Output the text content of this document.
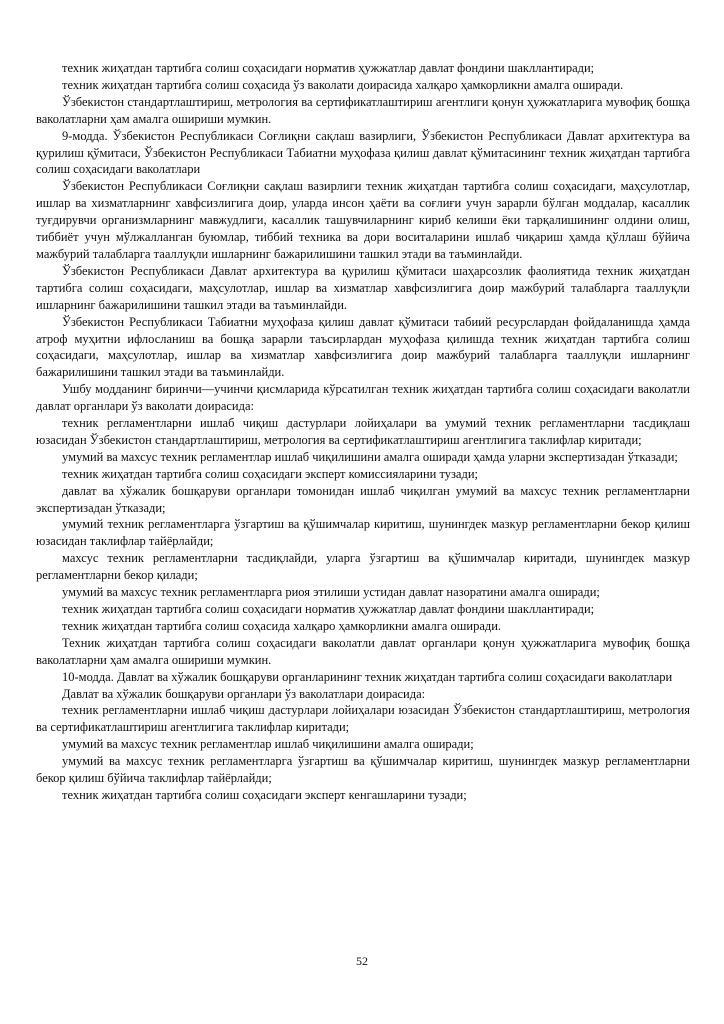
техник жиҳатдан тартибга солиш соҳасидаги норматив ҳужжатлар давлат фондини шакллантиради;

техник жиҳатдан тартибга солиш соҳасида ўз ваколати доирасида халқаро ҳамкорликни амалга оширади.

Ўзбекистон стандартлаштириш, метрология ва сертификатлаштириш агентлиги қонун ҳужжатларига мувофиқ бошқа ваколатларни ҳам амалга ошириши мумкин.

9-модда. Ўзбекистон Республикаси Соғлиқни сақлаш вазирлиги, Ўзбекистон Республикаси Давлат архитектура ва қурилиш қўмитаси, Ўзбекистон Республикаси Табиатни муҳофаза қилиш давлат қўмитасининг техник жиҳатдан тартибга солиш соҳасидаги ваколатлари

Ўзбекистон Республикаси Соғлиқни сақлаш вазирлиги техник жиҳатдан тартибга солиш соҳасидаги, маҳсулотлар, ишлар ва хизматларнинг хавфсизлигига доир, уларда инсон ҳаёти ва соғлиғи учун зарарли бўлган моддалар, касаллик туғдирувчи организмларнинг мавжудлиги, касаллик ташувчиларнинг кириб келиши ёки тарқалишининг олдини олиш, тиббиёт учун мўлжалланган буюмлар, тиббий техника ва дори воситаларини ишлаб чиқариш ҳамда қўллаш бўйича мажбурий талабларга тааллуқли ишларнинг бажарилишини ташкил этади ва таъминлайди.

Ўзбекистон Республикаси Давлат архитектура ва қурилиш қўмитаси шаҳарсозлик фаолиятида техник жиҳатдан тартибга солиш соҳасидаги, маҳсулотлар, ишлар ва хизматлар хавфсизлигига доир мажбурий талабларга тааллуқли ишларнинг бажарилишини ташкил этади ва таъминлайди.

Ўзбекистон Республикаси Табиатни муҳофаза қилиш давлат қўмитаси табиий ресурслардан фойдаланишда ҳамда атроф муҳитни ифлосланиш ва бошқа зарарли таъсирлардан муҳофаза қилишда техник жиҳатдан тартибга солиш соҳасидаги, маҳсулотлар, ишлар ва хизматлар хавфсизлигига доир мажбурий талабларга тааллуқли ишларнинг бажарилишини ташкил этади ва таъминлайди.

Ушбу модданинг биринчи—учинчи қисмларида кўрсатилган техник жиҳатдан тартибга солиш соҳасидаги ваколатли давлат органлари ўз ваколати доирасида:

техник регламентларни ишлаб чиқиш дастурлари лойиҳалари ва умумий техник регламентларни тасдиқлаш юзасидан Ўзбекистон стандартлаштириш, метрология ва сертификатлаштириш агентлигига таклифлар киритади;

умумий ва махсус техник регламентлар ишлаб чиқилишини амалга оширади ҳамда уларни экспертизадан ўтказади;

техник жиҳатдан тартибга солиш соҳасидаги эксперт комиссияларини тузади;

давлат ва хўжалик бошқаруви органлари томонидан ишлаб чиқилган умумий ва махсус техник регламентларни экспертизадан ўтказади;

умумий техник регламентларга ўзгартиш ва қўшимчалар киритиш, шунингдек мазкур регламентларни бекор қилиш юзасидан таклифлар тайёрлайди;

махсус техник регламентларни тасдиқлайди, уларга ўзгартиш ва қўшимчалар киритади, шунингдек мазкур регламентларни бекор қилади;

умумий ва махсус техник регламентларга риоя этилиши устидан давлат назоратини амалга оширади;

техник жиҳатдан тартибга солиш соҳасидаги норматив ҳужжатлар давлат фондини шакллантиради;

техник жиҳатдан тартибга солиш соҳасида халқаро ҳамкорликни амалга оширади.

Техник жиҳатдан тартибга солиш соҳасидаги ваколатли давлат органлари қонун ҳужжатларига мувофиқ бошқа ваколатларни ҳам амалга ошириши мумкин.

10-модда. Давлат ва хўжалик бошқаруви органларининг техник жиҳатдан тартибга солиш соҳасидаги ваколатлари

Давлат ва хўжалик бошқаруви органлари ўз ваколатлари доирасида:

техник регламентларни ишлаб чиқиш дастурлари лойиҳалари юзасидан Ўзбекистон стандартлаштириш, метрология ва сертификатлаштириш агентлигига таклифлар киритади;

умумий ва махсус техник регламентлар ишлаб чиқилишини амалга оширади;

умумий ва махсус техник регламентларга ўзгартиш ва қўшимчалар киритиш, шунингдек мазкур регламентларни бекор қилиш бўйича таклифлар тайёрлайди;

техник жиҳатдан тартибга солиш соҳасидаги эксперт кенгашларини тузади;

52
